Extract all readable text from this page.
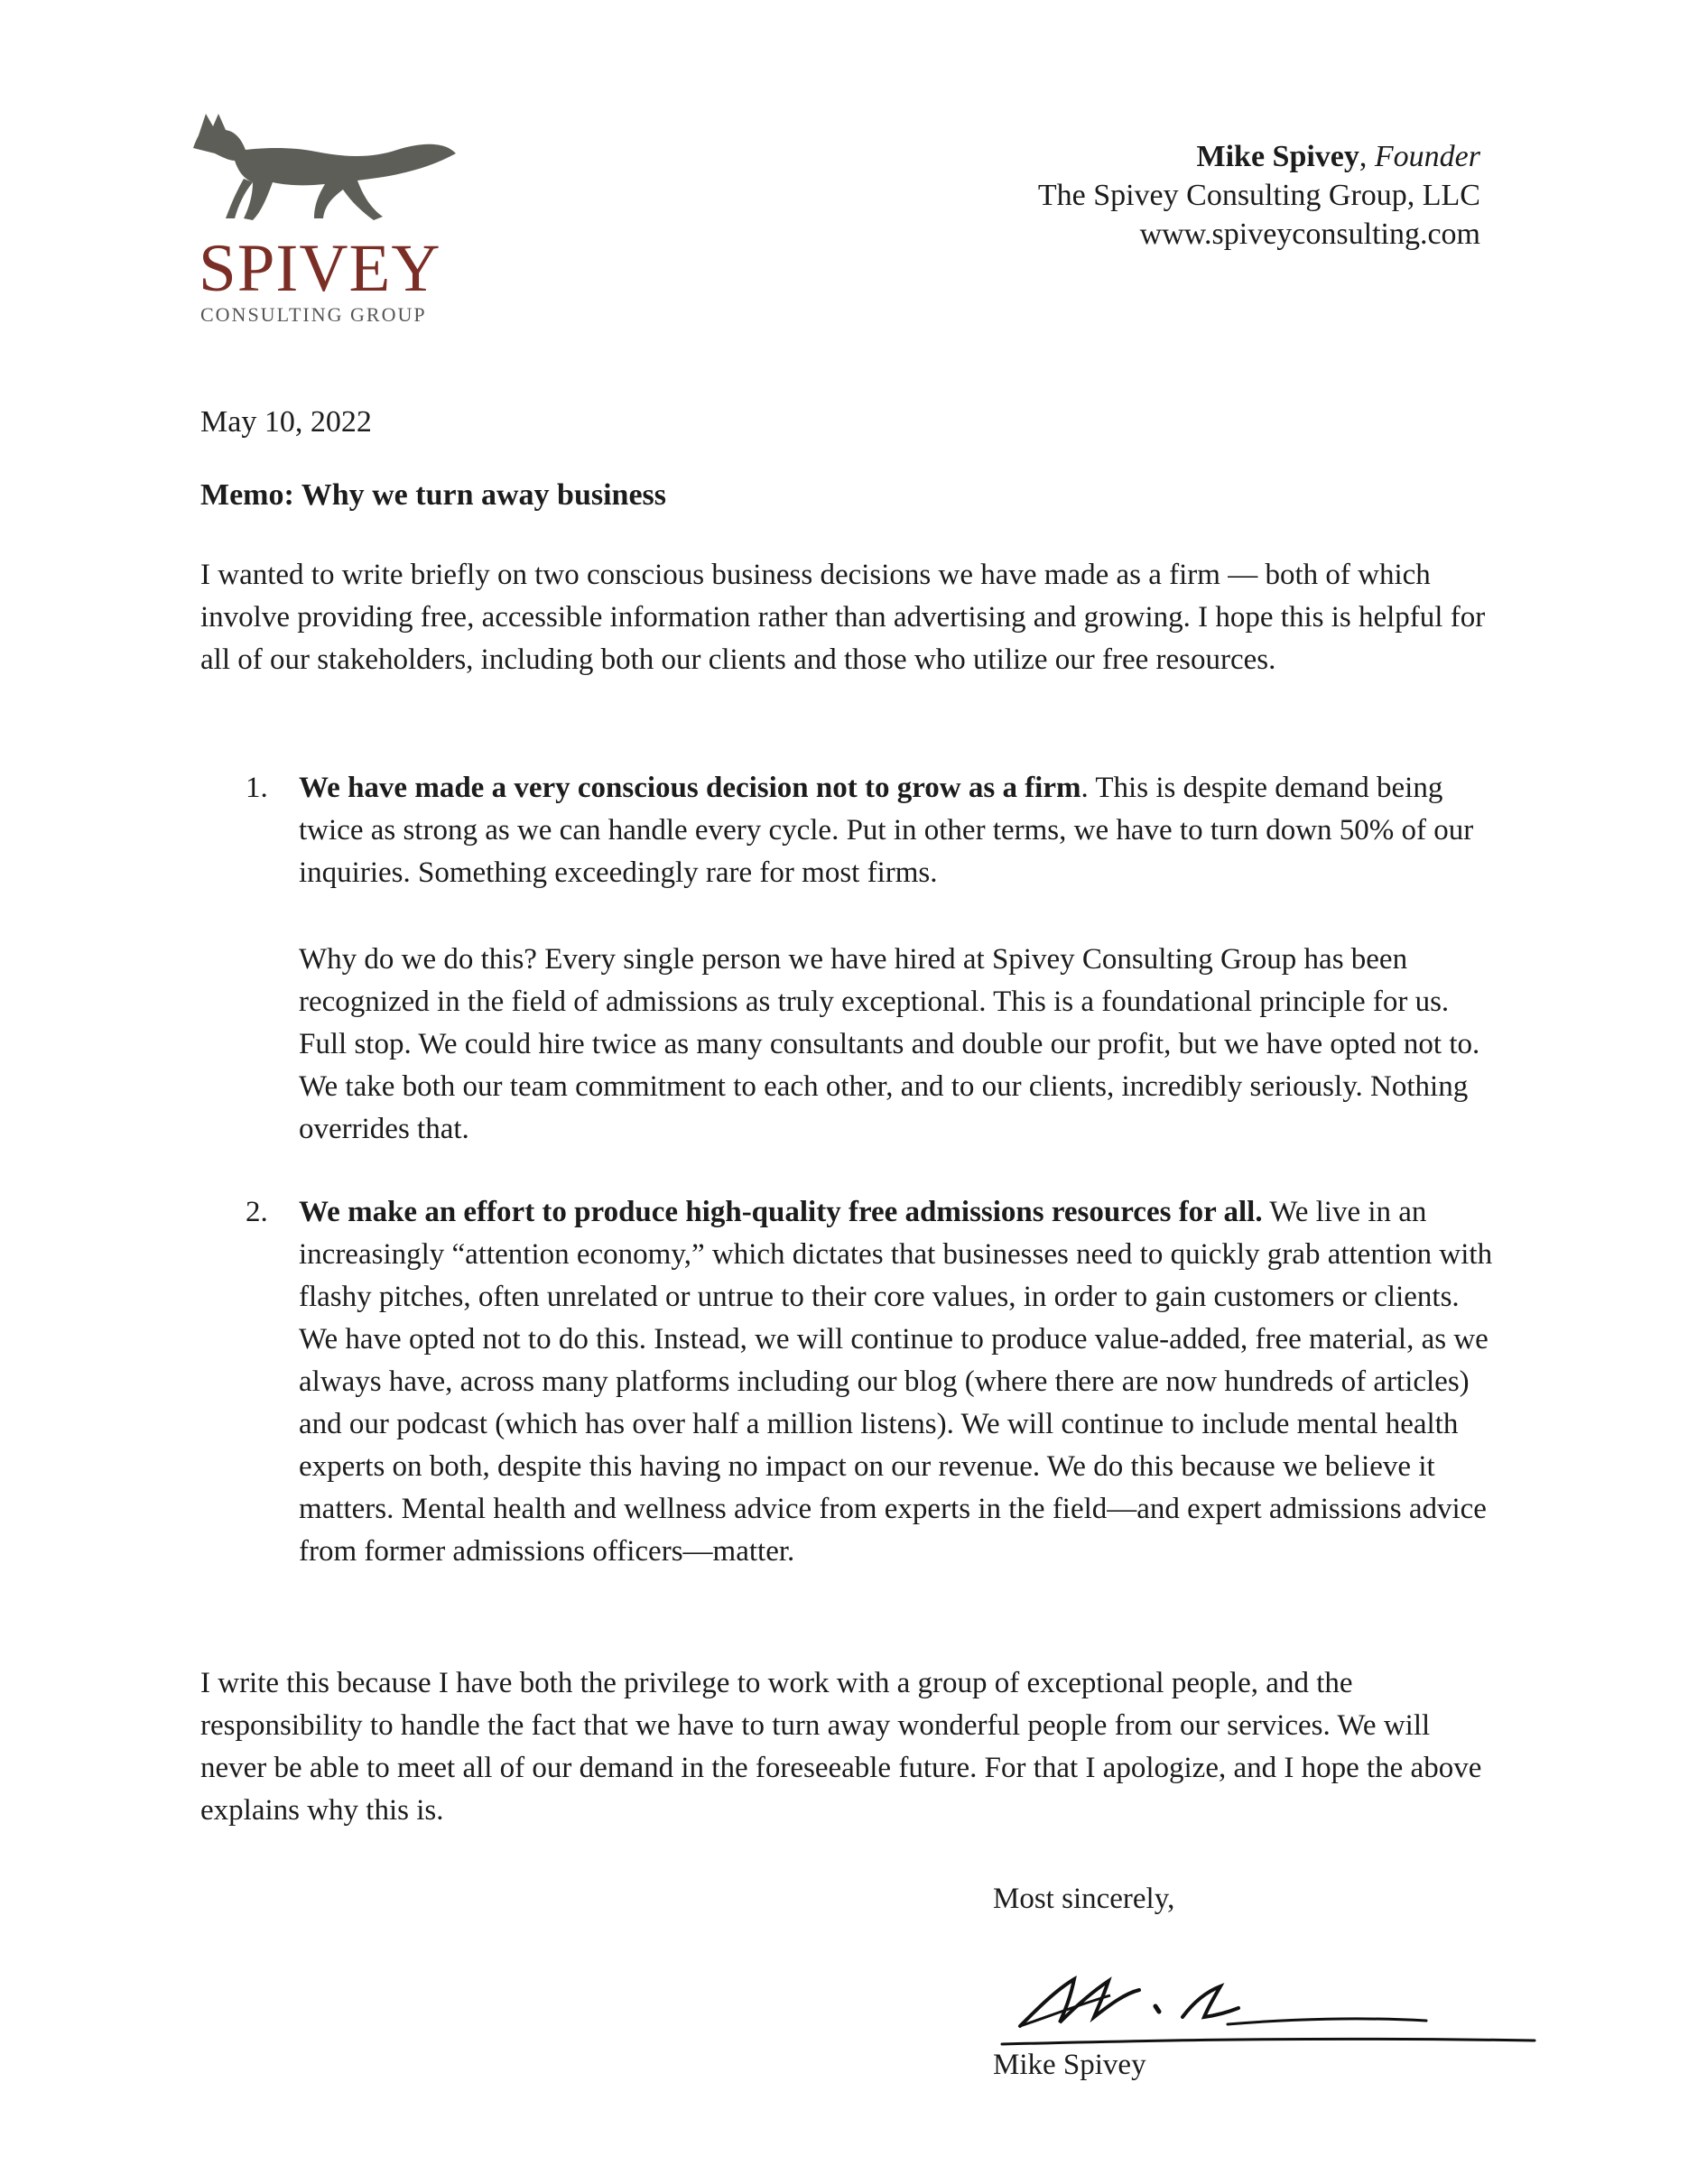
SPIVEY
CONSULTING GROUP
Mike Spivey, Founder
The Spivey Consulting Group, LLC
www.spiveyconsulting.com
May 10, 2022
Memo: Why we turn away business

I wanted to write briefly on two conscious business decisions we have made as a firm — both of which involve providing free, accessible information rather than advertising and growing. I hope this is helpful for all of our stakeholders, including both our clients and those who utilize our free resources.

1. We have made a very conscious decision not to grow as a firm. This is despite demand being twice as strong as we can handle every cycle. Put in other terms, we have to turn down 50% of our inquiries. Something exceedingly rare for most firms.

Why do we do this? Every single person we have hired at Spivey Consulting Group has been recognized in the field of admissions as truly exceptional. This is a foundational principle for us. Full stop. We could hire twice as many consultants and double our profit, but we have opted not to. We take both our team commitment to each other, and to our clients, incredibly seriously. Nothing overrides that.

2. We make an effort to produce high-quality free admissions resources for all. We live in an increasingly “attention economy,” which dictates that businesses need to quickly grab attention with flashy pitches, often unrelated or untrue to their core values, in order to gain customers or clients. We have opted not to do this. Instead, we will continue to produce value-added, free material, as we always have, across many platforms including our blog (where there are now hundreds of articles) and our podcast (which has over half a million listens). We will continue to include mental health experts on both, despite this having no impact on our revenue. We do this because we believe it matters. Mental health and wellness advice from experts in the field—and expert admissions advice from former admissions officers—matter.

I write this because I have both the privilege to work with a group of exceptional people, and the responsibility to handle the fact that we have to turn away wonderful people from our services. We will never be able to meet all of our demand in the foreseeable future. For that I apologize, and I hope the above explains why this is.

Most sincerely,
Mike Spivey
